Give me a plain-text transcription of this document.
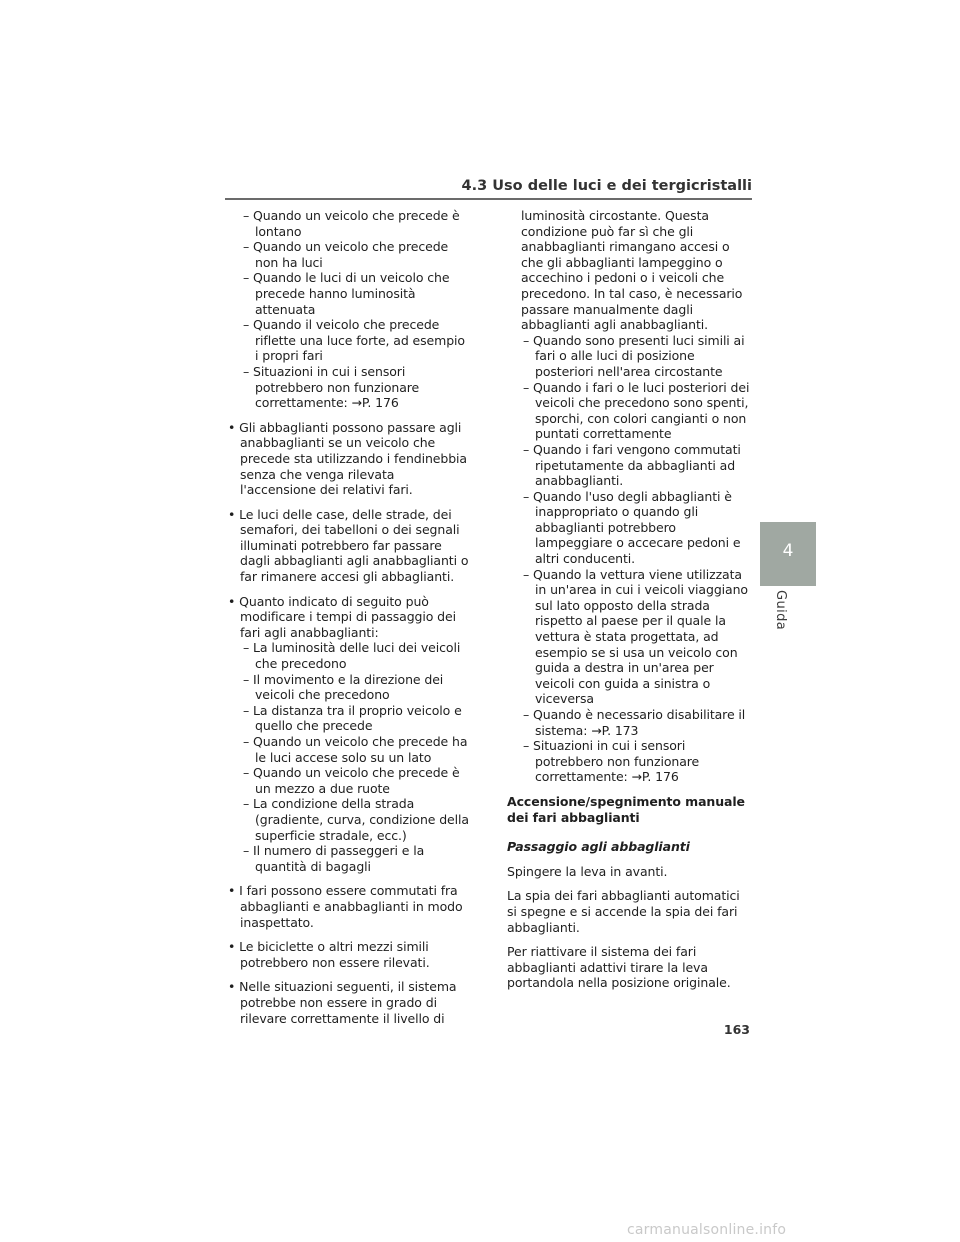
4.3 Uso delle luci e dei tergicristalli
– Quando un veicolo che precede è lontano
– Quando un veicolo che precede non ha luci
– Quando le luci di un veicolo che precede hanno luminosità attenuata
– Quando il veicolo che precede riflette una luce forte, ad esempio i propri fari
– Situazioni in cui i sensori potrebbero non funzionare correttamente: →P. 176
• Gli abbaglianti possono passare agli anabbaglianti se un veicolo che precede sta utilizzando i fendinebbia senza che venga rilevata l'accensione dei relativi fari.
• Le luci delle case, delle strade, dei semafori, dei tabelloni o dei segnali illuminati potrebbero far passare dagli abbaglianti agli anabbaglianti o far rimanere accesi gli abbaglianti.
• Quanto indicato di seguito può modificare i tempi di passaggio dei fari agli anabbaglianti:
– La luminosità delle luci dei veicoli che precedono
– Il movimento e la direzione dei veicoli che precedono
– La distanza tra il proprio veicolo e quello che precede
– Quando un veicolo che precede ha le luci accese solo su un lato
– Quando un veicolo che precede è un mezzo a due ruote
– La condizione della strada (gradiente, curva, condizione della superficie stradale, ecc.)
– Il numero di passeggeri e la quantità di bagagli
• I fari possono essere commutati fra abbaglianti e anabbaglianti in modo inaspettato.
• Le biciclette o altri mezzi simili potrebbero non essere rilevati.
• Nelle situazioni seguenti, il sistema potrebbe non essere in grado di rilevare correttamente il livello di

luminosità circostante. Questa condizione può far sì che gli anabbaglianti rimangano accesi o che gli abbaglianti lampeggino o accechino i pedoni o i veicoli che precedono. In tal caso, è necessario passare manualmente dagli abbaglianti agli anabbaglianti.

– Quando sono presenti luci simili ai fari o alle luci di posizione posteriori nell'area circostante
– Quando i fari o le luci posteriori dei veicoli che precedono sono spenti, sporchi, con colori cangianti o non puntati correttamente
– Quando i fari vengono commutati ripetutamente da abbaglianti ad anabbaglianti.
– Quando l'uso degli abbaglianti è inappropriato o quando gli abbaglianti potrebbero lampeggiare o accecare pedoni e altri conducenti.
– Quando la vettura viene utilizzata in un'area in cui i veicoli viaggiano sul lato opposto della strada rispetto al paese per il quale la vettura è stata progettata, ad esempio se si usa un veicolo con guida a destra in un'area per veicoli con guida a sinistra o viceversa
– Quando è necessario disabilitare il sistema: →P. 173
– Situazioni in cui i sensori potrebbero non funzionare correttamente: →P. 176
Accensione/spegnimento manuale dei fari abbaglianti
Passaggio agli abbaglianti

Spingere la leva in avanti.

La spia dei fari abbaglianti automatici si spegne e si accende la spia dei fari abbaglianti.

Per riattivare il sistema dei fari abbaglianti adattivi tirare la leva portandola nella posizione originale.

4
Guida
163
carmanualsonline.info
